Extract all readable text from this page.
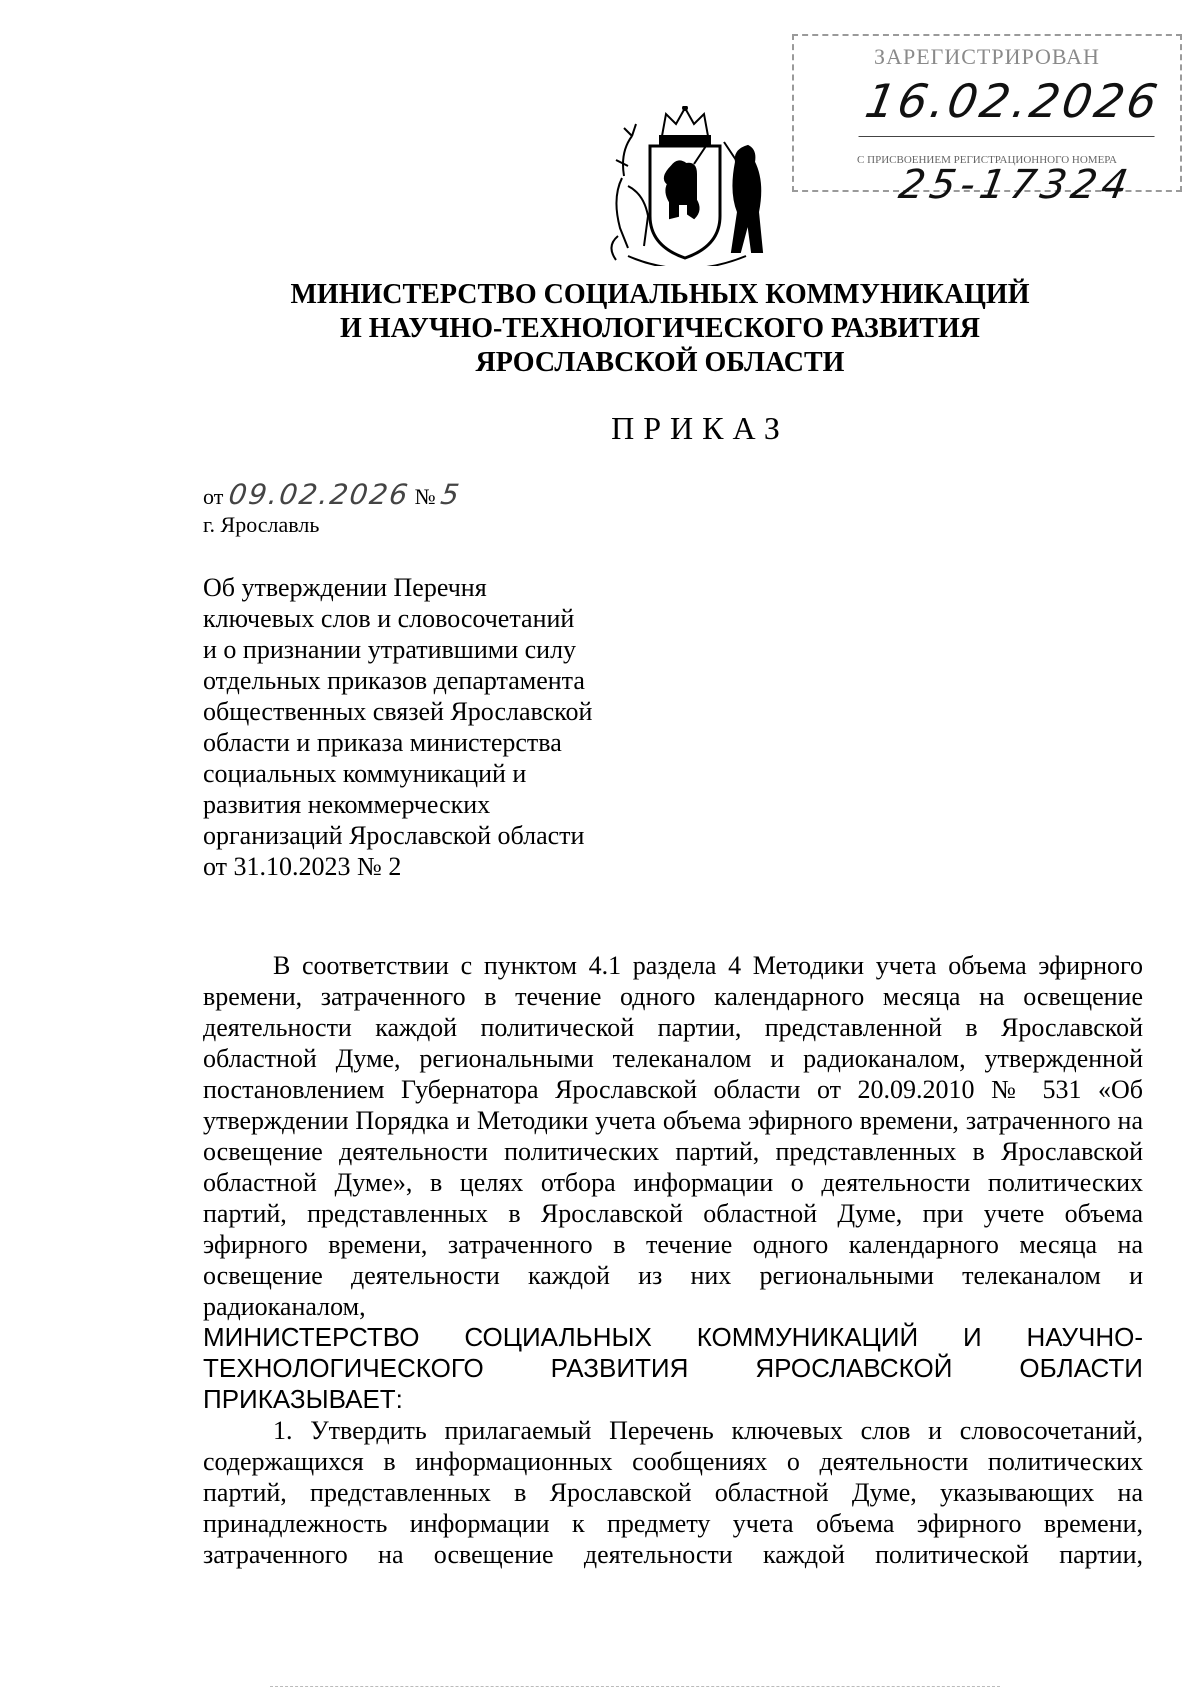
ЗАРЕГИСТРИРОВАН
16.02.2026
С ПРИСВОЕНИЕМ РЕГИСТРАЦИОННОГО НОМЕРА
25-17324
МИНИСТЕРСТВО СОЦИАЛЬНЫХ КОММУНИКАЦИЙ
И НАУЧНО-ТЕХНОЛОГИЧЕСКОГО РАЗВИТИЯ
ЯРОСЛАВСКОЙ ОБЛАСТИ
ПРИКАЗ
от 09.02.2026 № 5
г. Ярославль
Об утверждении Перечня
ключевых слов и словосочетаний
и о признании утратившими силу
отдельных приказов департамента
общественных связей Ярославской
области и приказа министерства
социальных коммуникаций и
развития некоммерческих
организаций Ярославской области
от 31.10.2023 № 2

В соответствии с пунктом 4.1 раздела 4 Методики учета объема эфирного времени, затраченного в течение одного календарного месяца на освещение деятельности каждой политической партии, представленной в Ярославской областной Думе, региональными телеканалом и радиоканалом, утвержденной постановлением Губернатора Ярославской области от 20.09.2010 № 531 «Об утверждении Порядка и Методики учета объема эфирного времени, затраченного на освещение деятельности политических партий, представленных в Ярославской областной Думе», в целях отбора информации о деятельности политических партий, представленных в Ярославской областной Думе, при учете объема эфирного времени, затраченного в течение одного календарного месяца на освещение деятельности каждой из них региональными телеканалом и радиоканалом,

МИНИСТЕРСТВО СОЦИАЛЬНЫХ КОММУНИКАЦИЙ И НАУЧНО-
ТЕХНОЛОГИЧЕСКОГО РАЗВИТИЯ ЯРОСЛАВСКОЙ ОБЛАСТИ
ПРИКАЗЫВАЕТ:

1. Утвердить прилагаемый Перечень ключевых слов и словосочетаний, содержащихся в информационных сообщениях о деятельности политических партий, представленных в Ярославской областной Думе, указывающих на принадлежность информации к предмету учета объема эфирного времени, затраченного на освещение деятельности каждой политической партии,
